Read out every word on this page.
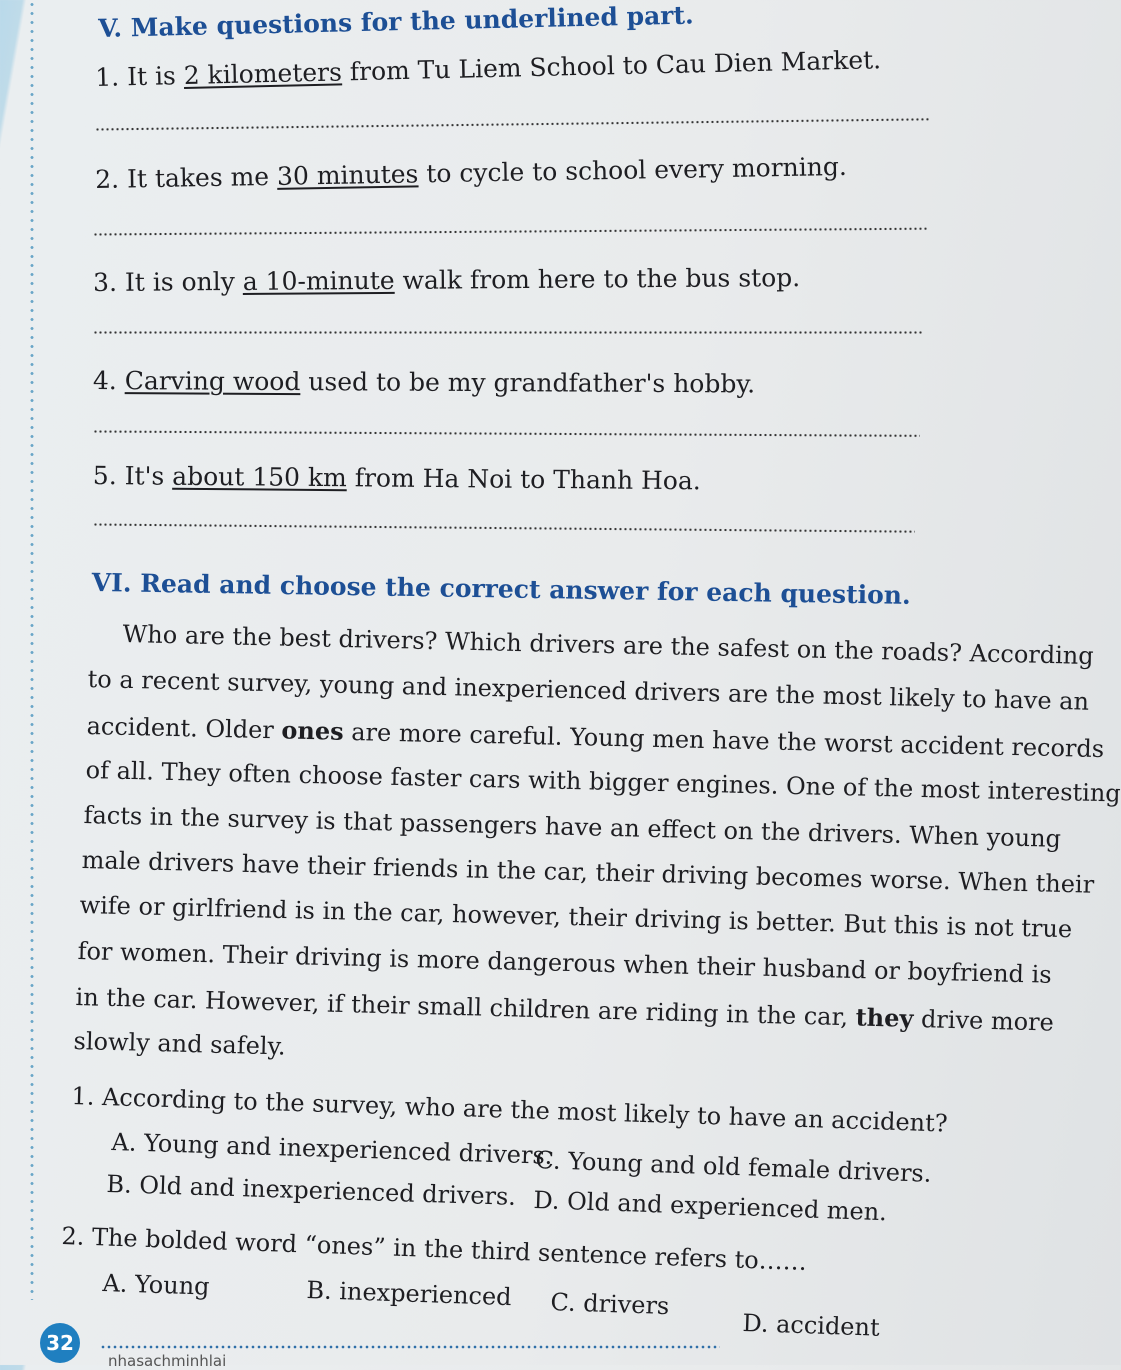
V. Make questions for the underlined part.
1. It is 2 kilometers from Tu Liem School to Cau Dien Market.
2. It takes me 30 minutes to cycle to school every morning.
3. It is only a 10-minute walk from here to the bus stop.
4. Carving wood used to be my grandfather's hobby.
5. It's about 150 km from Ha Noi to Thanh Hoa.
VI. Read and choose the correct answer for each question.
Who are the best drivers? Which drivers are the safest on the roads? According
to a recent survey, young and inexperienced drivers are the most likely to have an
accident. Older ones are more careful. Young men have the worst accident records
of all. They often choose faster cars with bigger engines. One of the most interesting
facts in the survey is that passengers have an effect on the drivers. When young
male drivers have their friends in the car, their driving becomes worse. When their
wife or girlfriend is in the car, however, their driving is better. But this is not true
for women. Their driving is more dangerous when their husband or boyfriend is
in the car. However, if their small children are riding in the car, they drive more
slowly and safely.
1. According to the survey, who are the most likely to have an accident?
A. Young and inexperienced drivers.
C. Young and old female drivers.
B. Old and inexperienced drivers. D. Old and experienced men.
2. The bolded word “ones” in the third sentence refers to……
A. Young	B. inexperienced C. drivers
D. accident
32
nhasachminhlai
